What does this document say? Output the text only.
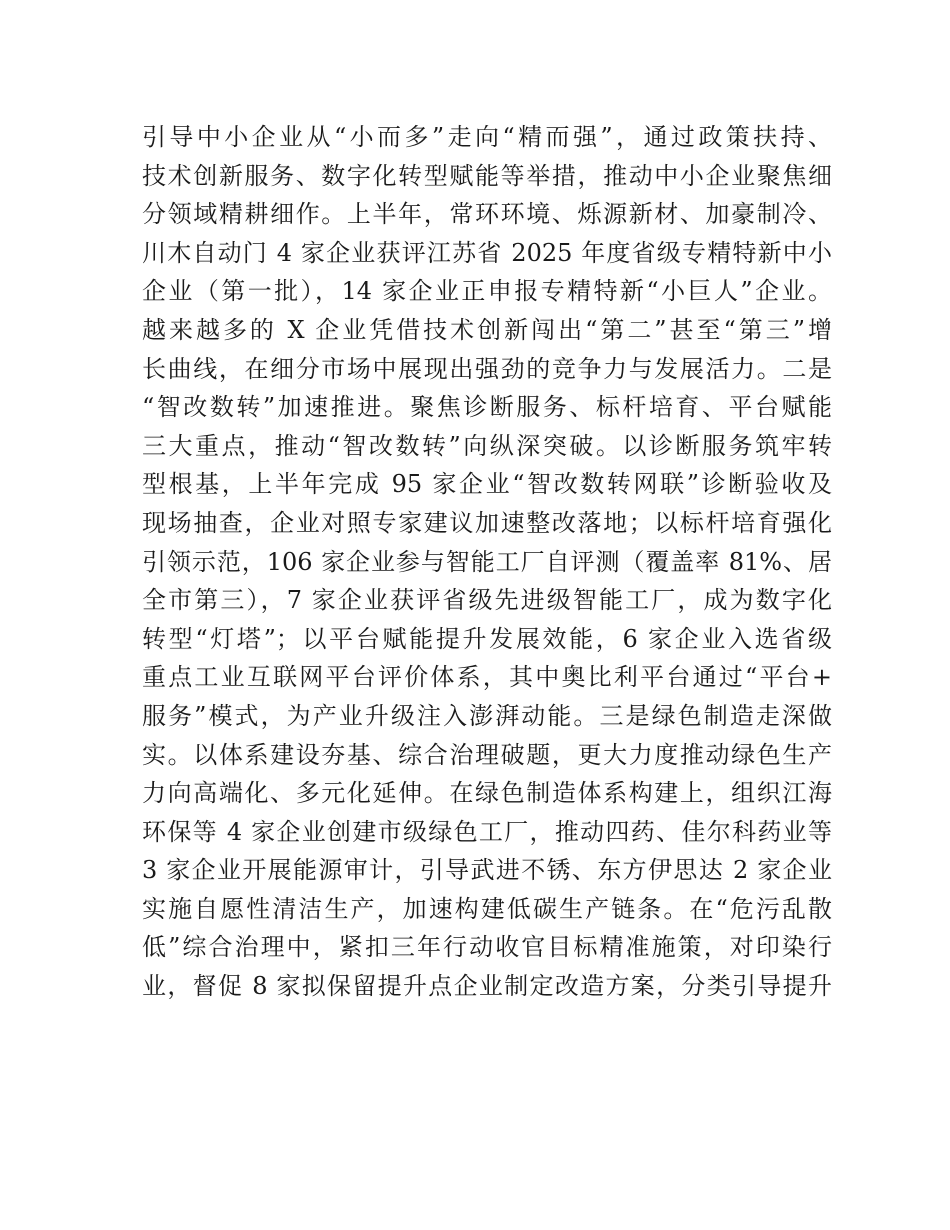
引导中小企业从“小而多”走向“精而强”，通过政策扶持、
技术创新服务、数字化转型赋能等举措，推动中小企业聚焦细
分领域精耕细作。上半年，常环环境、烁源新材、加豪制冷、
川木自动门 4 家企业获评江苏省 2025 年度省级专精特新中小
企业（第一批），14 家企业正申报专精特新“小巨人”企业。
越来越多的 X 企业凭借技术创新闯出“第二”甚至“第三”增
长曲线，在细分市场中展现出强劲的竞争力与发展活力。二是
“智改数转”加速推进。聚焦诊断服务、标杆培育、平台赋能
三大重点，推动“智改数转”向纵深突破。以诊断服务筑牢转
型根基，上半年完成 95 家企业“智改数转网联”诊断验收及
现场抽查，企业对照专家建议加速整改落地；以标杆培育强化
引领示范，106 家企业参与智能工厂自评测（覆盖率 81%、居
全市第三），7 家企业获评省级先进级智能工厂，成为数字化
转型“灯塔”；以平台赋能提升发展效能，6 家企业入选省级
重点工业互联网平台评价体系，其中奥比利平台通过“平台+
服务”模式，为产业升级注入澎湃动能。三是绿色制造走深做
实。以体系建设夯基、综合治理破题，更大力度推动绿色生产
力向高端化、多元化延伸。在绿色制造体系构建上，组织江海
环保等 4 家企业创建市级绿色工厂，推动四药、佳尔科药业等
3 家企业开展能源审计，引导武进不锈、东方伊思达 2 家企业
实施自愿性清洁生产，加速构建低碳生产链条。在“危污乱散
低”综合治理中，紧扣三年行动收官目标精准施策，对印染行
业，督促 8 家拟保留提升点企业制定改造方案，分类引导提升
